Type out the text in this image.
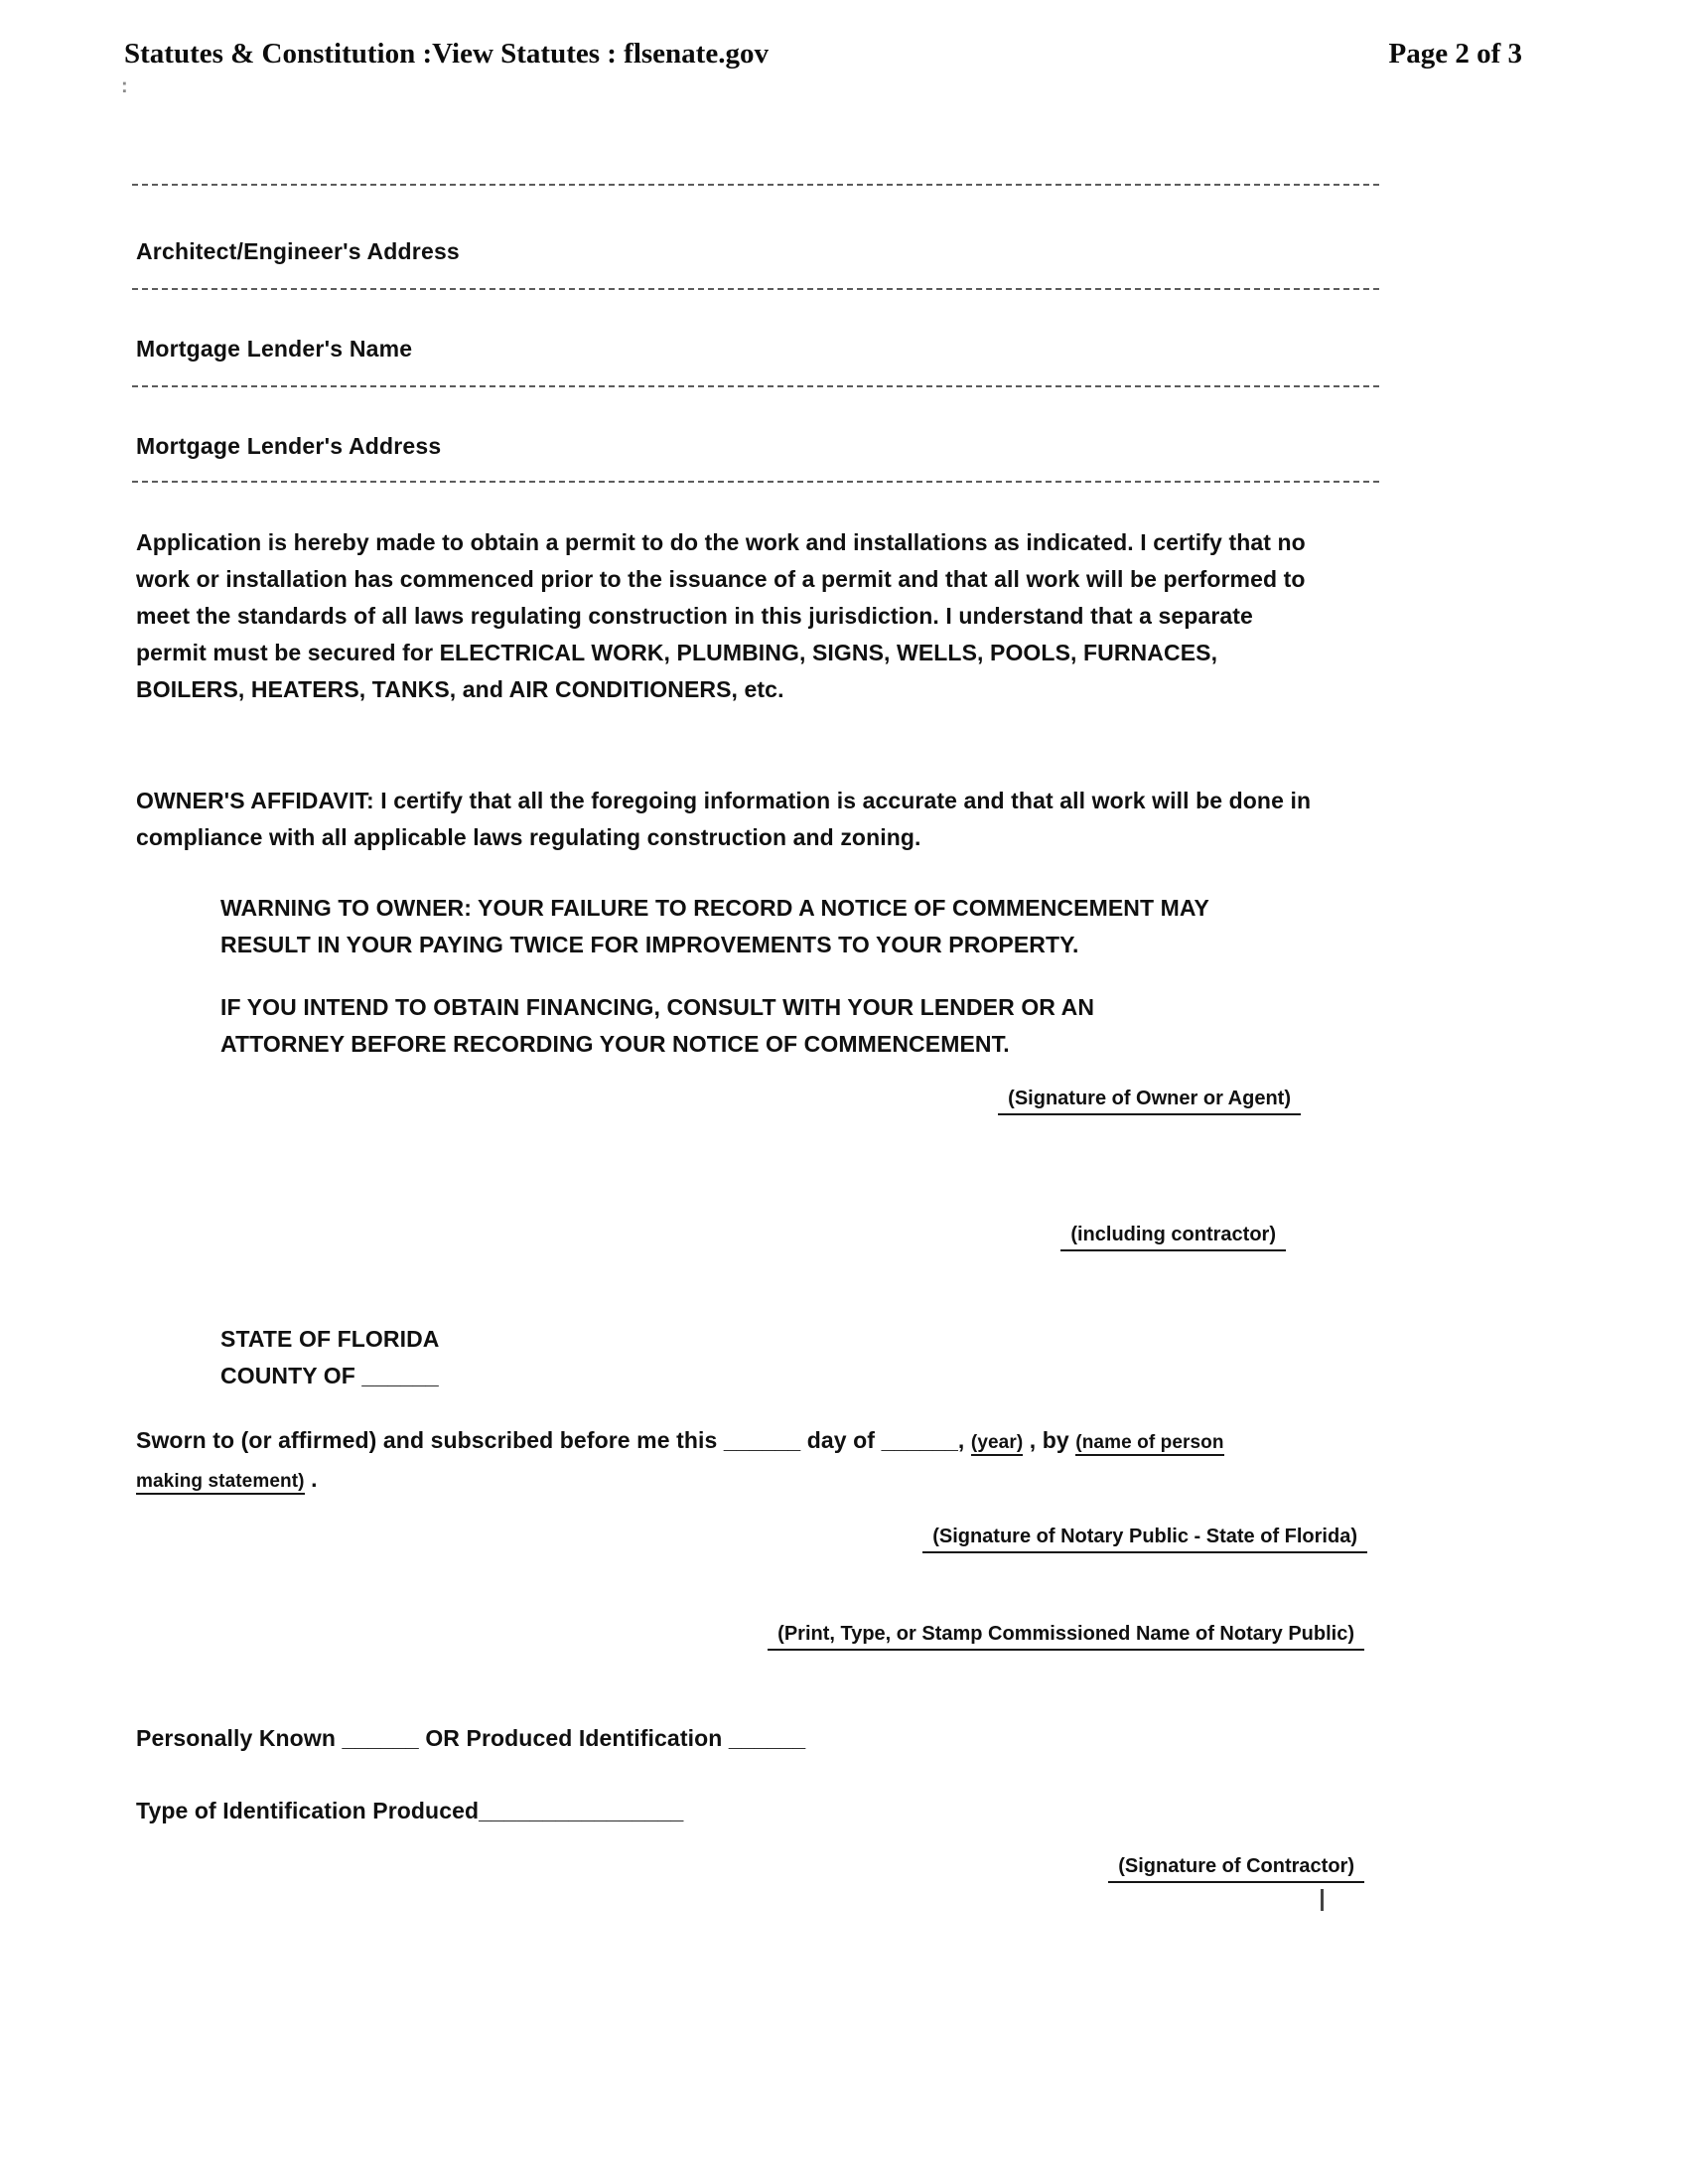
Statutes & Constitution :View Statutes : flsenate.gov	Page 2 of 3
:
Architect/Engineer's Address
Mortgage Lender's Name
Mortgage Lender's Address
Application is hereby made to obtain a permit to do the work and installations as indicated. I certify that no work or installation has commenced prior to the issuance of a permit and that all work will be performed to meet the standards of all laws regulating construction in this jurisdiction. I understand that a separate permit must be secured for ELECTRICAL WORK, PLUMBING, SIGNS, WELLS, POOLS, FURNACES, BOILERS, HEATERS, TANKS, and AIR CONDITIONERS, etc.
OWNER'S AFFIDAVIT: I certify that all the foregoing information is accurate and that all work will be done in compliance with all applicable laws regulating construction and zoning.
WARNING TO OWNER: YOUR FAILURE TO RECORD A NOTICE OF COMMENCEMENT MAY RESULT IN YOUR PAYING TWICE FOR IMPROVEMENTS TO YOUR PROPERTY.
IF YOU INTEND TO OBTAIN FINANCING, CONSULT WITH YOUR LENDER OR AN ATTORNEY BEFORE RECORDING YOUR NOTICE OF COMMENCEMENT.
(Signature of Owner or Agent)
(including contractor)
STATE OF FLORIDA
COUNTY OF ______
Sworn to (or affirmed) and subscribed before me this ______ day of ______, (year) , by (name of person
making statement) .
(Signature of Notary Public - State of Florida)
(Print, Type, or Stamp Commissioned Name of Notary Public)
Personally Known ______ OR Produced Identification ______
Type of Identification Produced________________
(Signature of Contractor)
